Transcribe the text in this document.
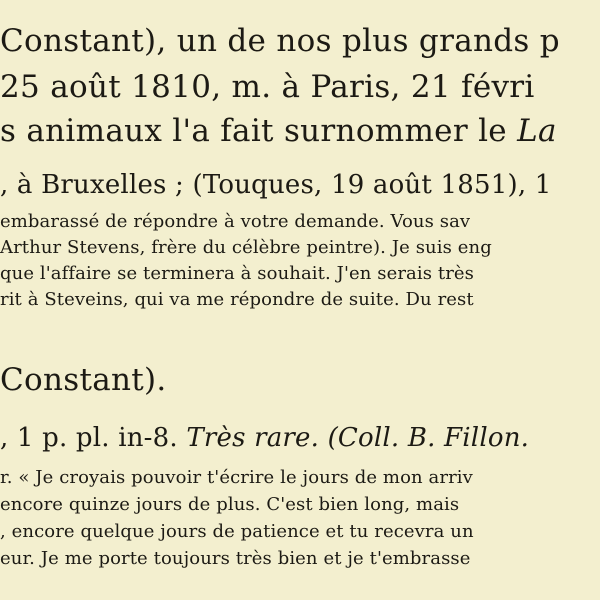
Constant), un de nos plus grands p
25 août 1810, m. à Paris, 21 févri
s animaux l'a fait surnommer le La
, à Bruxelles ; (Touques, 19 août 1851), 1
embarassé de répondre à votre demande. Vous sav
Arthur Stevens, frère du célèbre peintre). Je suis eng
que l'affaire se terminera à souhait. J'en serais très
rit à Steveins, qui va me répondre de suite. Du rest
Constant).
, 1 p. pl. in-8. Très rare. (Coll. B. Fillon.
r. « Je croyais pouvoir t'écrire le jours de mon arriv
encore quinze jours de plus. C'est bien long, mais
, encore quelque jours de patience et tu recevra un
eur. Je me porte toujours très bien et je t'embrasse
